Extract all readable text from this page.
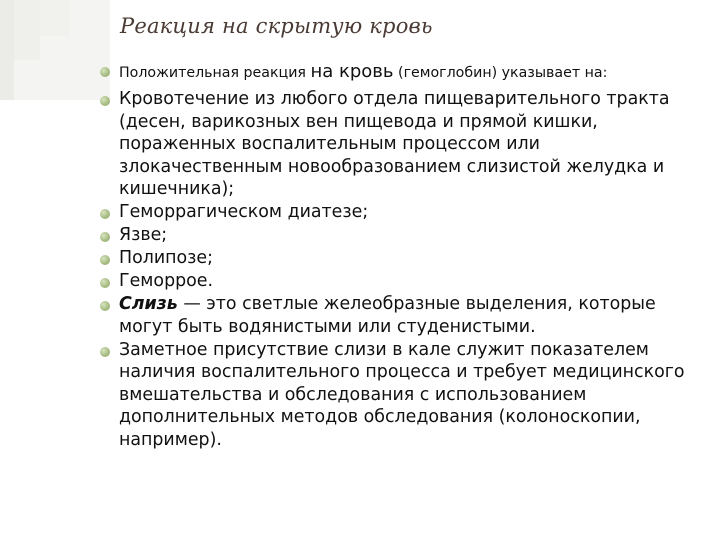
Реакция на скрытую кровь
Положительная реакция на кровь (гемоглобин) указывает на:
Кровотечение из любого отдела пищеварительного тракта (десен, варикозных вен пищевода и прямой кишки, пораженных воспалительным процессом или злокачественным новообразованием слизистой желудка и кишечника);
Геморрагическом диатезе;
Язве;
Полипозе;
Геморрое.
Слизь — это светлые желеобразные выделения, которые могут быть водянистыми или студенистыми.
Заметное присутствие слизи в кале служит показателем наличия воспалительного процесса и требует медицинского вмешательства и обследования с использованием дополнительных методов обследования (колоноскопии, например).
